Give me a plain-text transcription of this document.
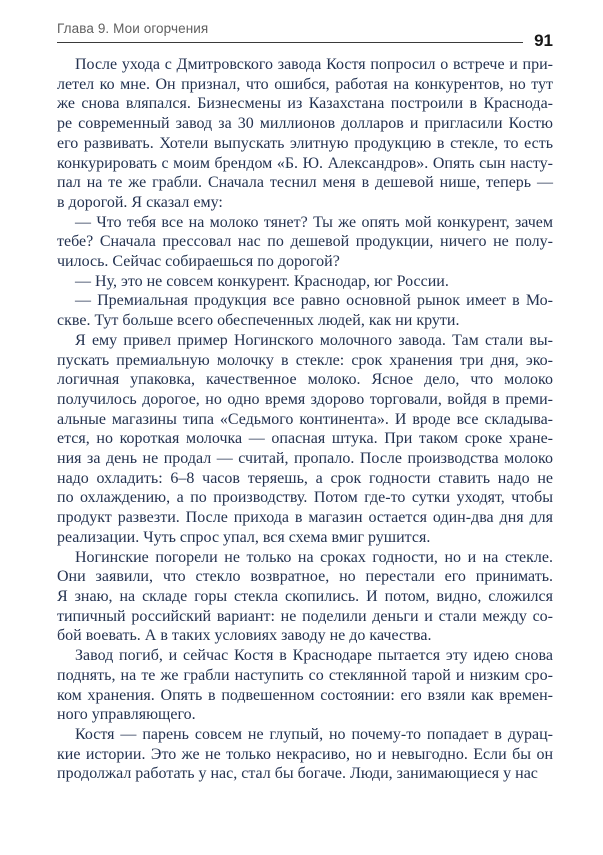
Глава 9. Мои огорчения
91
После ухода с Дмитровского завода Костя попросил о встрече и при-
летел ко мне. Он признал, что ошибся, работая на конкурентов, но тут
же снова вляпался. Бизнесмены из Казахстана построили в Краснода-
ре современный завод за 30 миллионов долларов и пригласили Костю
его развивать. Хотели выпускать элитную продукцию в стекле, то есть
конкурировать с моим брендом «Б. Ю. Александров». Опять сын насту-
пал на те же грабли. Сначала теснил меня в дешевой нише, теперь —
в дорогой. Я сказал ему:
— Что тебя все на молоко тянет? Ты же опять мой конкурент, зачем
тебе? Сначала прессовал нас по дешевой продукции, ничего не полу-
чилось. Сейчас собираешься по дорогой?
— Ну, это не совсем конкурент. Краснодар, юг России.
— Премиальная продукция все равно основной рынок имеет в Мо-
скве. Тут больше всего обеспеченных людей, как ни крути.
Я ему привел пример Ногинского молочного завода. Там стали вы-
пускать премиальную молочку в стекле: срок хранения три дня, эко-
логичная упаковка, качественное молоко. Ясное дело, что молоко
получилось дорогое, но одно время здорово торговали, войдя в преми-
альные магазины типа «Седьмого континента». И вроде все складыва-
ется, но короткая молочка — опасная штука. При таком сроке хране-
ния за день не продал — считай, пропало. После производства молоко
надо охладить: 6–8 часов теряешь, а срок годности ставить надо не
по охлаждению, а по производству. Потом где-то сутки уходят, чтобы
продукт развезти. После прихода в магазин остается один-два дня для
реализации. Чуть спрос упал, вся схема вмиг рушится.
Ногинские погорели не только на сроках годности, но и на стекле.
Они заявили, что стекло возвратное, но перестали его принимать.
Я знаю, на складе горы стекла скопились. И потом, видно, сложился
типичный российский вариант: не поделили деньги и стали между со-
бой воевать. А в таких условиях заводу не до качества.
Завод погиб, и сейчас Костя в Краснодаре пытается эту идею снова
поднять, на те же грабли наступить со стеклянной тарой и низким сро-
ком хранения. Опять в подвешенном состоянии: его взяли как времен-
ного управляющего.
Костя — парень совсем не глупый, но почему-то попадает в дурац-
кие истории. Это же не только некрасиво, но и невыгодно. Если бы он
продолжал работать у нас, стал бы богаче. Люди, занимающиеся у нас
